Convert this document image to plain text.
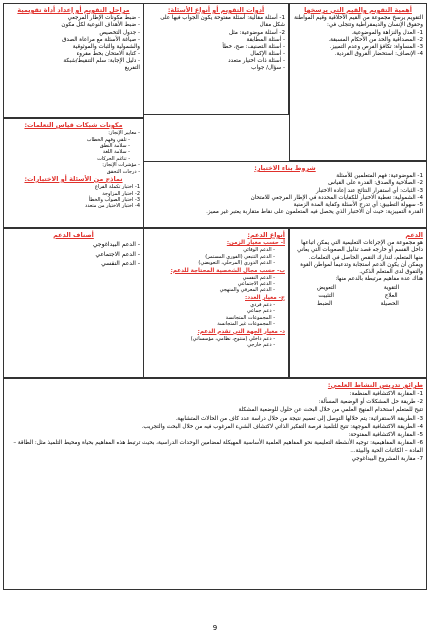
أهمية التقويم والقيم التي يرسخها

التقويم يرسخ مجموعة من القيم الأخلاقية وقيم المواطنة وحقوق الإنسان والديمقراطية وتتجلى في:

1- العدل والنزاهة والموضوعية.
2- المصداقية والحد من الأحكام المسبقة.
3- المساواة: تكافؤ الفرص وعدم التمييز.
4- الإنصاف: استحضار الفروق الفردية.
أدوات التقويم أو أنواع الأسئلة:
1- أسئلة مقالية: أسئلة مفتوحة يكون الجواب فيها على شكل مقال
2- أسئلة موضوعية: مثل
- أسئلة المطابقة
- أسئلة التصنيف: صح، خطأ
- أسئلة الإكمال
- أسئلة ذات اختيار متعدد
- سؤال/ جواب
مراحل التقويم أو إعداد أداة تقويمية
- ضبط مكونات الإطار المرجعي
- ضبط الأهداف النوعية لكل مكون
- جدول التخصيص
- صياغة الأسئلة مع مراعاة الصدق
والشمولية والثبات والموثوقية
- كتابة الامتحان بخط مقروء
- دليل الإجابة: سلم التنقيط/شبكة
التفريغ
مكونات شبكات قياس التعلمات:
- معايير الإنجاز:
- تلقي وفهم الخطاب
- سلامة النطق
- سلامة اللغة
- تناغم الحركات
- مؤشرات الإنجاز:
- درجات التحقق
نماذج من الأسئلة أو الاختبارات:
1- اختبار تكملة الفراغ
2- اختبار المزاوجة
3- اختبار الصواب والخطأ
4- اختبار الاختيار من متعدد
شروط بناء الاختبار:
1- الموضوعية: فهم المتعلمين للأسئلة
2- الصلاحية والصدق: القدرة على القياس
3- الثبات: أي استقرار النتائج عند إعادة الاختبار
4- الشمولية: تغطية الاختبار للكفايات المحددة في الإطار المرجعي للامتحان
5- سهولة التطبيق: أي تدرج الأسئلة وكفاية المدة الزمنية
القدرة التمييزية: حيث أن الاختبار الذي يحصل فيه المتعلمون على نقاط متقاربة يعتبر غير مميز.
الدعم

هو مجموعة من الإجراءات التعليمية التي يمكن اتباعها داخل القسم أو خارجه قصد تذليل الصعوبات التي يعاني منها المتعلم، لتدارك النقص الحاصل في التعلمات.

ويمكن أن يكون الدعم استجابة وتدعيما لمواطن القوة والتفوق لدى المتعلم الذكي.

هناك عدة مفاهيم مرتبطة بالدعم منها:

التقوية
التعويض
العلاج
التثبيت
الحصيلة
الضبط
أنواع الدعم:
أ- حسب معيار الزمن:
- الدعم الوقائي
- الدعم التتبعي (الفوري المستمر)
- الدعم الدوري (المرحلي، التعويضي)
ب- حسب مجال الشخصية المحتاجة للدعم:
- الدعم النفسي
- الدعم الاجتماعي
- الدعم المعرفي والمنهجي
ج- معيار العدد:
- دعم فردي
- دعم جماعي
- المجموعات المتجانسة
- المجموعات غير المتجانسة
د- معيار الجهة التي تقدم الدعم:
- دعم داخلي (منتوج، نظامي، مؤسساتي)
- دعم خارجي
أصناف الدعم
- الدعم البيداغوجي
- الدعم الاجتماعي
- الدعم النفسي
طرائق تدريس النشاط العلمي:
1- المقاربة الاكتشافية المنظمة:
2- طريقة حل المشكلات أو الوضعية المسألة:
تتيح للمتعلم استخدام المنهج العلمي من خلال البحث عن حلول للوضعية المشكلة
3- الطريقة الاستقرائية: يتم خلالها التوصل إلى تعميم نتيجة من خلال دراسة عدد كاف من الحالات المتشابهة.
4- الطريقة الاكتشافية الموجهة: تتيح للتلميذ فرصة التفكير الذاتي لاكتشاف الشيء المرغوب فيه من خلال البحث والتجريب.
5- المقاربة الاكتشافية المفتوحة:
6- المقاربة المفاهيمية: توجيه الأنشطة التعليمية نحو المفاهيم العلمية الأساسية المهيكلة لمضامين الوحدات الدراسية، بحيث ترتبط هذه المفاهيم بحياة ومحيط التلميذ مثل: الطاقة – المادة – الكائنات الحية والبيئة...
7- مقاربة المشروع البيداغوجي
9
